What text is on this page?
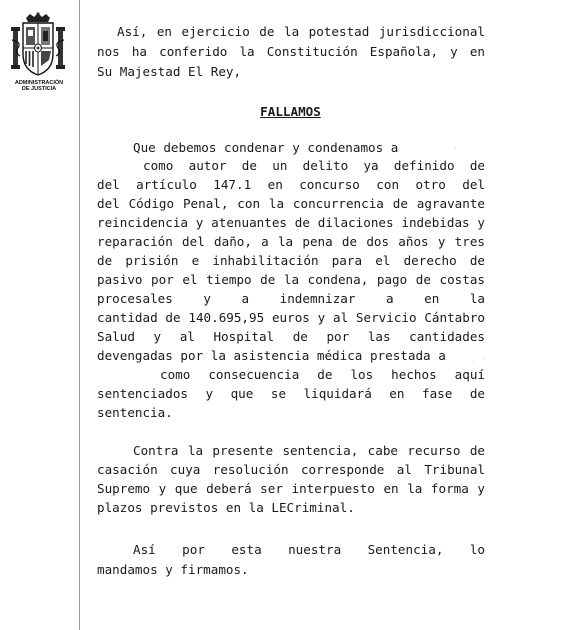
ADMINISTRACIÓN
DE JUSTICIA
Así, en ejercicio de la potestad jurisdiccional
nos ha conferido la Constitución Española, y en
Su Majestad El Rey,
FALLAMOS
Que debemos condenar y condenamos a
como autor de un delito ya definido de
del artículo 147.1 en concurso con otro del
del Código Penal, con la concurrencia de agravante
reincidencia y atenuantes de dilaciones indebidas y
reparación del daño, a la pena de dos años y tres
de prisión e inhabilitación para el derecho de
pasivo por el tiempo de la condena, pago de costas
procesales y a indemnizar a en la
cantidad de 140.695,95 euros y al Servicio Cántabro
Salud y al Hospital de por las cantidades
devengadas por la asistencia médica prestada a
como consecuencia de los hechos aquí
sentenciados y que se liquidará en fase de
sentencia.
Contra la presente sentencia, cabe recurso de
casación cuya resolución corresponde al Tribunal
Supremo y que deberá ser interpuesto en la forma y
plazos previstos en la LECriminal.
Así por esta nuestra Sentencia, lo
mandamos y firmamos.
